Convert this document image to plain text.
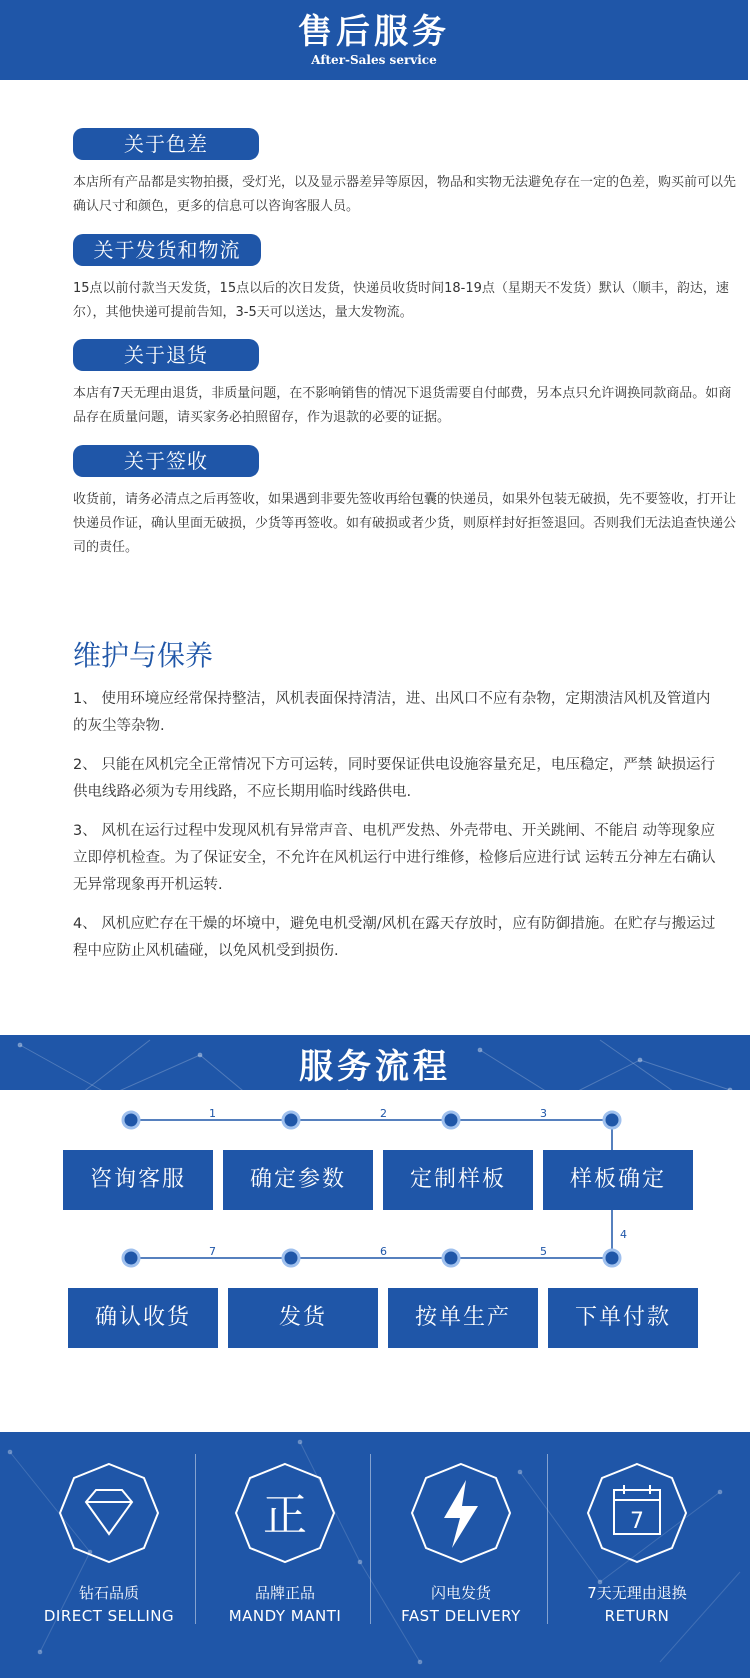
售后服务
After-Sales service
关于色差
本店所有产品都是实物拍摄，受灯光，以及显示器差异等原因，物品和实物无法避免存在一定的色差，购买前可以先确认尺寸和颜色，更多的信息可以咨询客服人员。
关于发货和物流
15点以前付款当天发货，15点以后的次日发货，快递员收货时间18-19点（星期天不发货）默认（顺丰，韵达，速尔），其他快递可提前告知，3-5天可以送达，量大发物流。
关于退货
本店有7天无理由退货，非质量问题，在不影响销售的情况下退货需要自付邮费，另本点只允许调换同款商品。如商品存在质量问题，请买家务必拍照留存，作为退款的必要的证据。
关于签收
收货前，请务必清点之后再签收，如果遇到非要先签收再给包囊的快递员，如果外包装无破损，先不要签收，打开让快递员作证，确认里面无破损，少货等再签收。如有破损或者少货，则原样封好拒签退回。否则我们无法追查快递公司的责任。
维护与保养

1、 使用环境应经常保持整洁，风机表面保持清洁，进、出风口不应有杂物，定期溃洁风机及管道内的灰尘等杂物.

2、 只能在风机完全正常情况下方可运转，同时要保证供电设施容量充足，电压稳定，严禁 缺损运行供电线路必须为专用线路，不应长期用临时线路供电.

3、 风机在运行过程中发现风机有异常声音、电机严发热、外壳带电、开关跳闸、不能启 动等现象应立即停机检查。为了保证安全，不允许在风机运行中进行维修，检修后应进行试 运转五分神左右确认无异常现象再开机运转.

4、 风机应贮存在干燥的坏境中，避免电机受潮/风机在露天存放时，应有防御措施。在贮存与搬运过程中应防止风机磕碰，以免风机受到损伤.

服务流程
Service processes
1	2	3
4
5
6
7
咨询客服	确定参数	定制样板	样板确定
确认收货	发货	按单生产	下单付款
钻石品质
DIRECT SELLING
正
品牌正品
MANDY MANTI
闪电发货
FAST DELIVERY
7
7天无理由退换
RETURN
